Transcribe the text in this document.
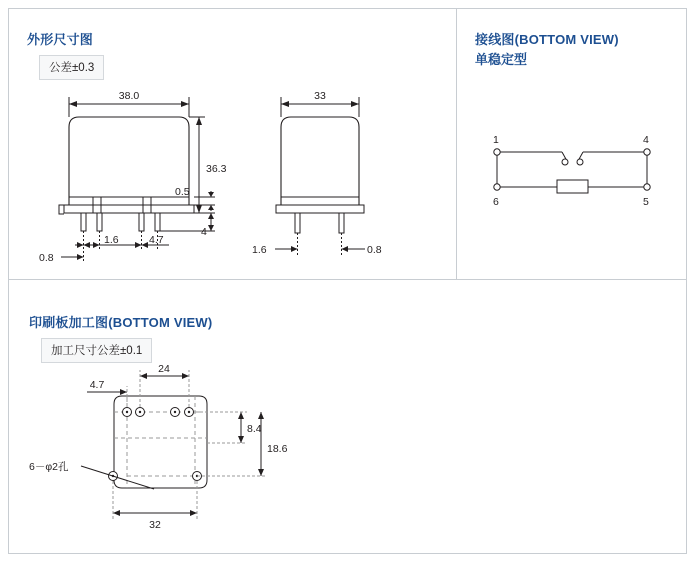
外形尺寸图
公差±0.3
38.0
36.3
0.5
4
1.6	4.7
0.8
33
1.6	0.8
接线图(BOTTOM VIEW)
单稳定型
1	4
6	5
印刷板加工图(BOTTOM VIEW)
加工尺寸公差±0.1
24
4.7
8.4
18.6
32
6－φ2孔
